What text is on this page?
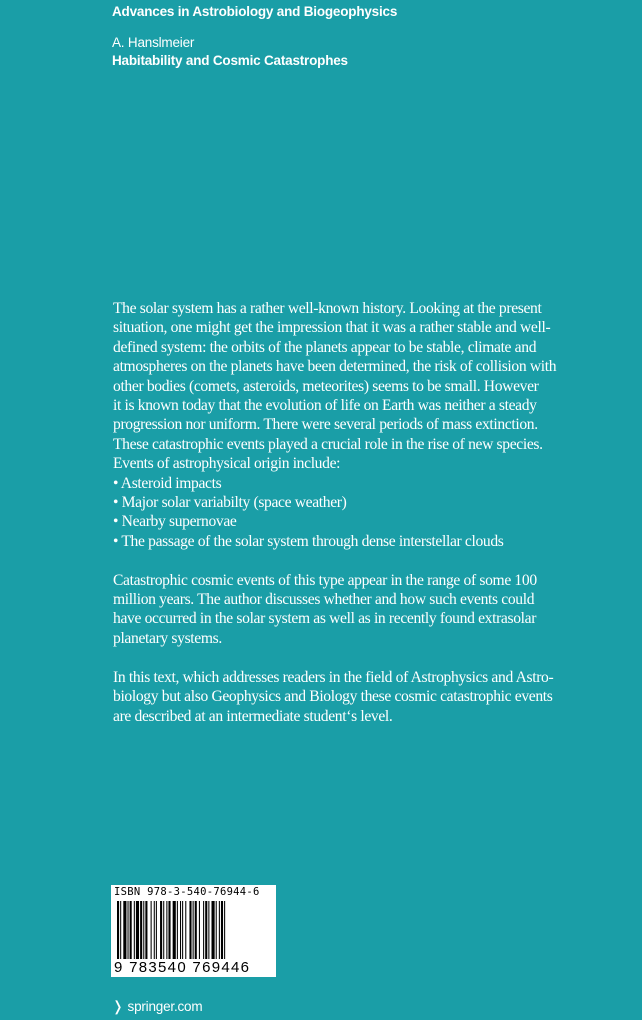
Advances in Astrobiology and Biogeophysics
A. Hanslmeier
Habitability and Cosmic Catastrophes

The solar system has a rather well-known history. Looking at the present
situation, one might get the impression that it was a rather stable and well-
defined system: the orbits of the planets appear to be stable, climate and
atmospheres on the planets have been determined, the risk of collision with
other bodies (comets, asteroids, meteorites) seems to be small. However
it is known today that the evolution of life on Earth was neither a steady
progression nor uniform. There were several periods of mass extinction.
These catastrophic events played a crucial role in the rise of new species.
Events of astrophysical origin include:
• Asteroid impacts
• Major solar variabilty (space weather)
• Nearby supernovae
• The passage of the solar system through dense interstellar clouds

Catastrophic cosmic events of this type appear in the range of some 100
million years. The author discusses whether and how such events could
have occurred in the solar system as well as in recently found extrasolar
planetary systems.

In this text, which addresses readers in the field of Astrophysics and Astro-
biology but also Geophysics and Biology these cosmic catastrophic events
are described at an intermediate student‘s level.

ISBN 978-3-540-76944-6
9 783540 769446
❭ springer.com
